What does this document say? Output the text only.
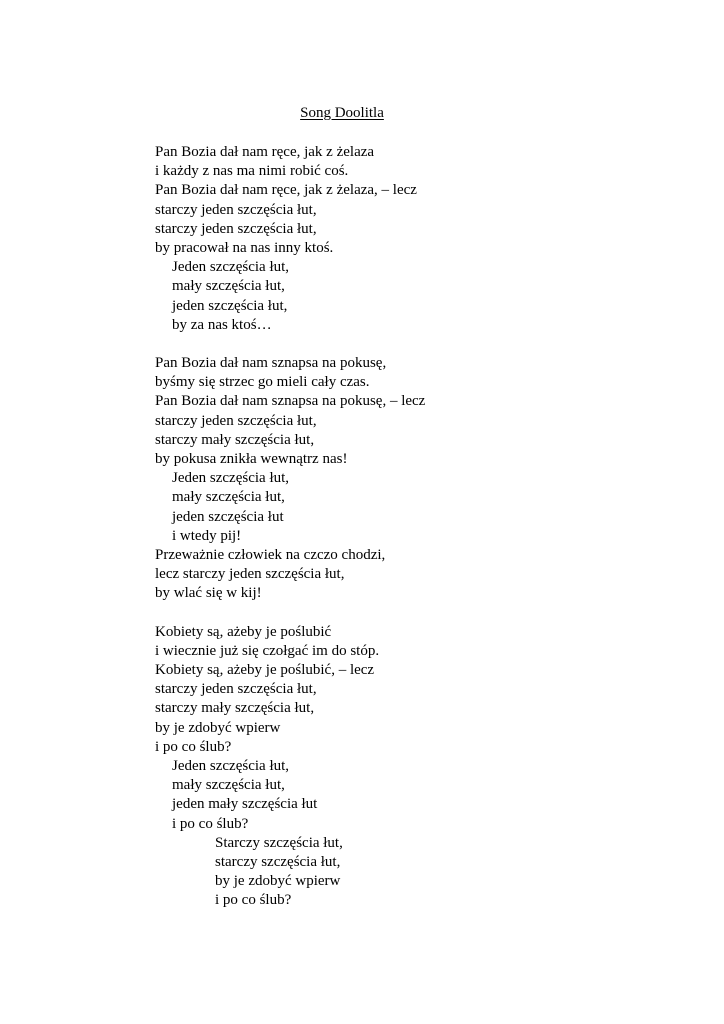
Song Doolitla
Pan Bozia dał nam ręce, jak z żelaza
i każdy z nas ma nimi robić coś.
Pan Bozia dał nam ręce, jak z żelaza, – lecz
starczy jeden szczęścia łut,
starczy jeden szczęścia łut,
by pracował na nas inny ktoś.
Jeden szczęścia łut,
mały szczęścia łut,
jeden szczęścia łut,
by za nas ktoś…
Pan Bozia dał nam sznapsa na pokusę,
byśmy się strzec go mieli cały czas.
Pan Bozia dał nam sznapsa na pokusę, – lecz
starczy jeden szczęścia łut,
starczy mały szczęścia łut,
by pokusa znikła wewnątrz nas!
Jeden szczęścia łut,
mały szczęścia łut,
jeden szczęścia łut
i wtedy pij!
Przeważnie człowiek na czczo chodzi,
lecz starczy jeden szczęścia łut,
by wlać się w kij!
Kobiety są, ażeby je poślubić
i wiecznie już się czołgać im do stóp.
Kobiety są, ażeby je poślubić, – lecz
starczy jeden szczęścia łut,
starczy mały szczęścia łut,
by je zdobyć wpierw
i po co ślub?
Jeden szczęścia łut,
mały szczęścia łut,
jeden mały szczęścia łut
i po co ślub?
Starczy szczęścia łut,
starczy szczęścia łut,
by je zdobyć wpierw
i po co ślub?
